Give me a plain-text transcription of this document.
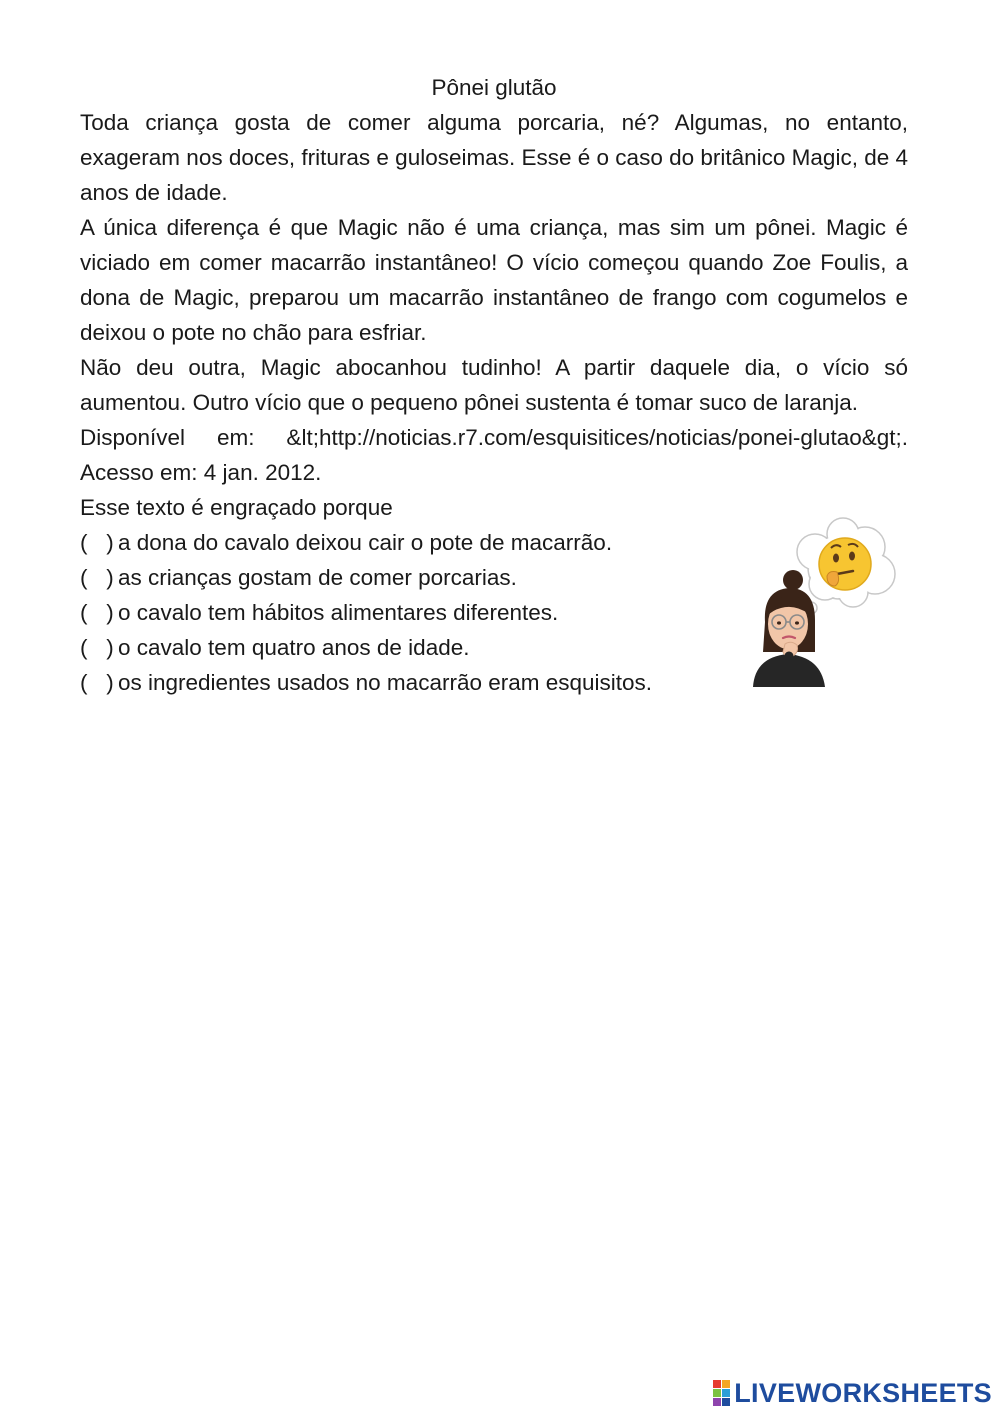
Pônei glutão

Toda criança gosta de comer alguma porcaria, né? Algumas, no entanto, exageram nos doces, frituras e guloseimas. Esse é o caso do britânico Magic, de 4 anos de idade.

A única diferença é que Magic não é uma criança, mas sim um pônei. Magic é viciado em comer macarrão instantâneo! O vício começou quando Zoe Foulis, a dona de Magic, preparou um macarrão instantâneo de frango com cogumelos e deixou o pote no chão para esfriar.

Não deu outra, Magic abocanhou tudinho! A partir daquele dia, o vício só aumentou. Outro vício que o pequeno pônei sustenta é tomar suco de laranja.

Disponível em: &lt;http://noticias.r7.com/esquisitices/noticias/ponei-glutao&gt;. Acesso em: 4 jan. 2012.

Esse texto é engraçado porque

(   ) a dona do cavalo deixou cair o pote de macarrão.
(   ) as crianças gostam de comer porcarias.
(   ) o cavalo tem hábitos alimentares diferentes.
(   ) o cavalo tem quatro anos de idade.
(   ) os ingredientes usados no macarrão eram esquisitos.
LIVEWORKSHEETS
